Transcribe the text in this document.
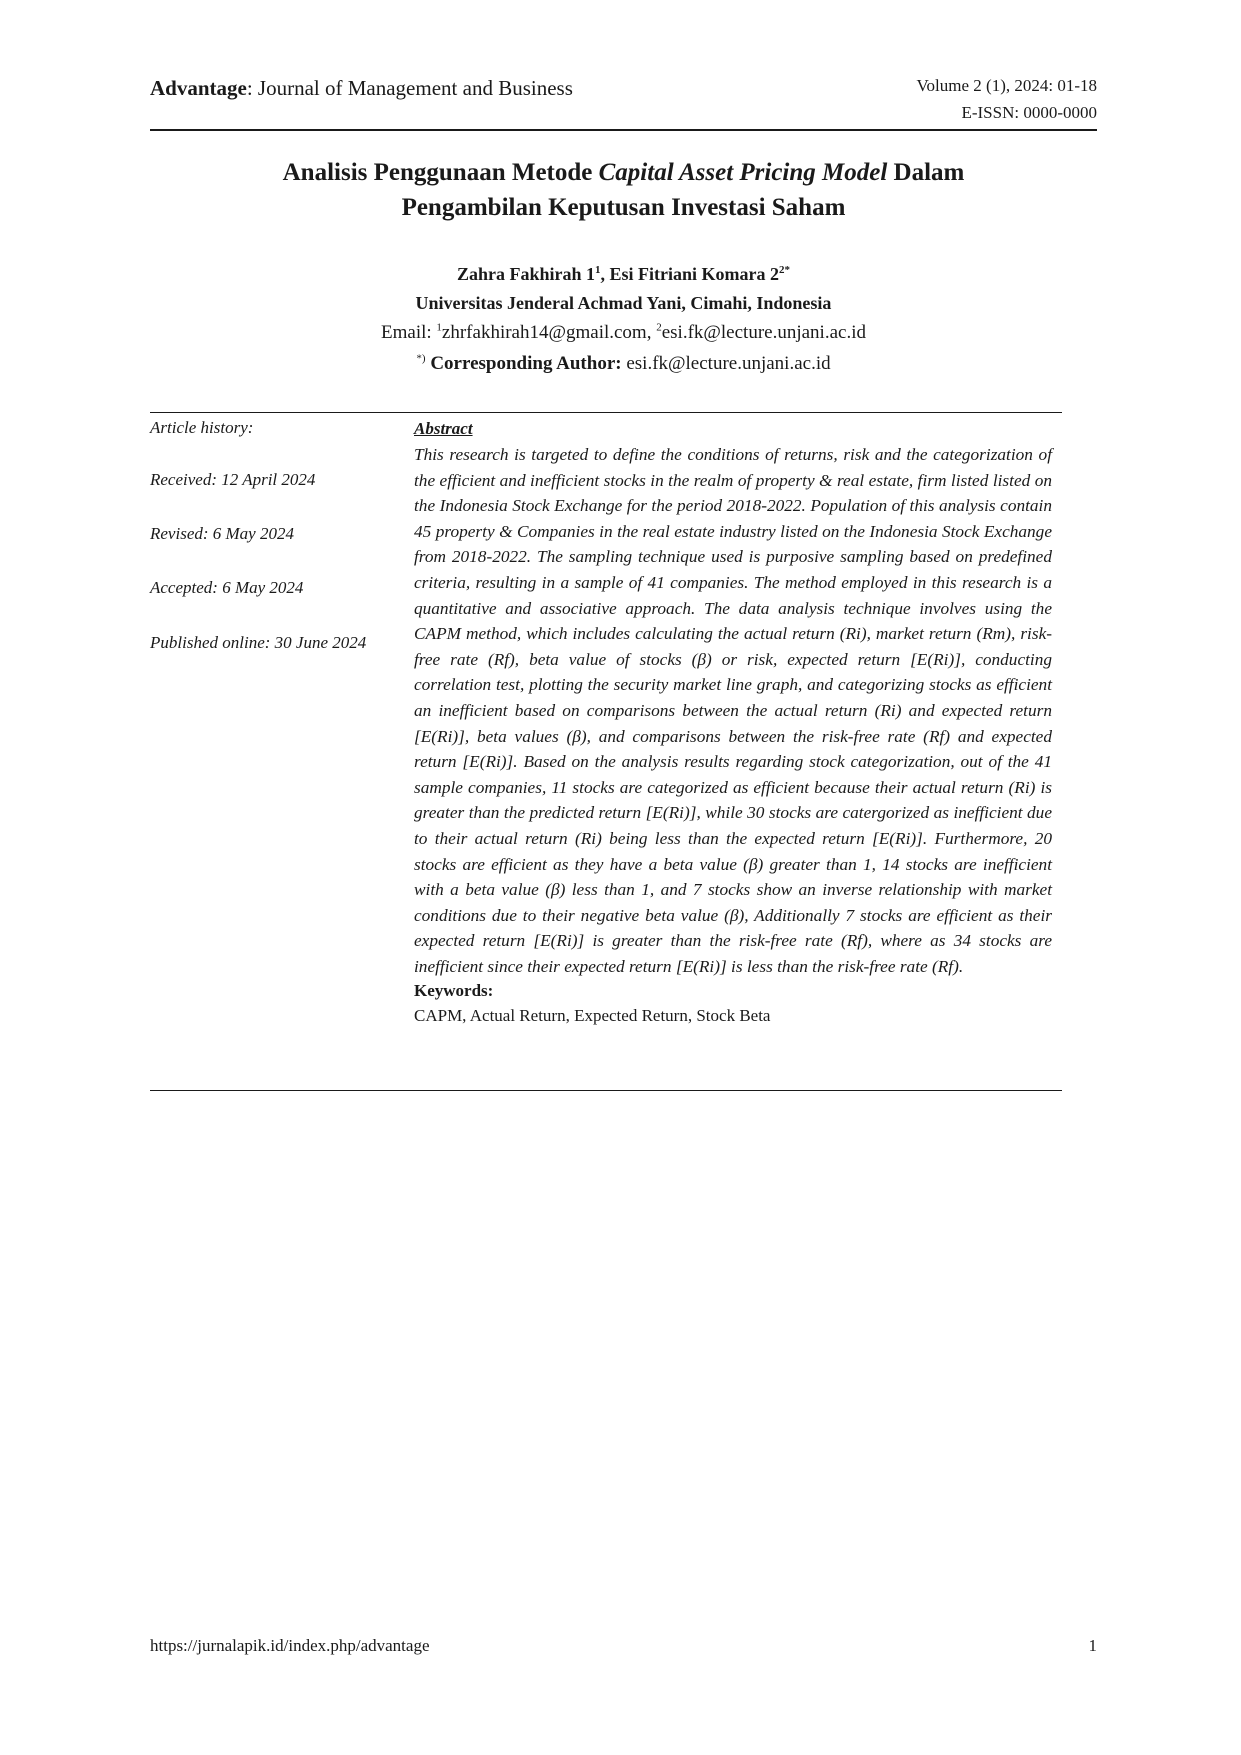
Advantage: Journal of Management and Business	Volume 2 (1), 2024: 01-18
E-ISSN: 0000-0000
Analisis Penggunaan Metode Capital Asset Pricing Model Dalam
Pengambilan Keputusan Investasi Saham
Zahra Fakhirah $1^1$, Esi Fitriani Komara $2^{2*}$
Universitas Jenderal Achmad Yani, Cimahi, Indonesia
Email: $^1$zhrfakhirah14@gmail.com, $^2$esi.fk@lecture.unjani.ac.id
*) Corresponding Author: esi.fk@lecture.unjani.ac.id
Article history:
Received: 12 April 2024
Revised: 6 May 2024
Accepted: 6 May 2024
Published online: 30 June 2024
Abstract

This research is targeted to define the conditions of returns, risk and the categorization of the efficient and inefficient stocks in the realm of property & real estate, firm listed listed on the Indonesia Stock Exchange for the period 2018-2022. Population of this analysis contain 45 property & Companies in the real estate industry listed on the Indonesia Stock Exchange from 2018-2022. The sampling technique used is purposive sampling based on predefined criteria, resulting in a sample of 41 companies. The method employed in this research is a quantitative and associative approach. The data analysis technique involves using the CAPM method, which includes calculating the actual return (Ri), market return (Rm), risk-free rate (Rf), beta value of stocks (β) or risk, expected return [E(Ri)], conducting correlation test, plotting the security market line graph, and categorizing stocks as efficient an inefficient based on comparisons between the actual return (Ri) and expected return [E(Ri)], beta values (β), and comparisons between the risk-free rate (Rf) and expected return [E(Ri)]. Based on the analysis results regarding stock categorization, out of the 41 sample companies, 11 stocks are categorized as efficient because their actual return (Ri) is greater than the predicted return [E(Ri)], while 30 stocks are catergorized as inefficient due to their actual return (Ri) being less than the expected return [E(Ri)]. Furthermore, 20 stocks are efficient as they have a beta value (β) greater than 1, 14 stocks are inefficient with a beta value (β) less than 1, and 7 stocks show an inverse relationship with market conditions due to their negative beta value (β), Additionally 7 stocks are efficient as their expected return [E(Ri)] is greater than the risk-free rate (Rf), where as 34 stocks are inefficient since their expected return [E(Ri)] is less than the risk-free rate (Rf).

Keywords:
CAPM, Actual Return, Expected Return, Stock Beta
https://jurnalapik.id/index.php/advantage	1
